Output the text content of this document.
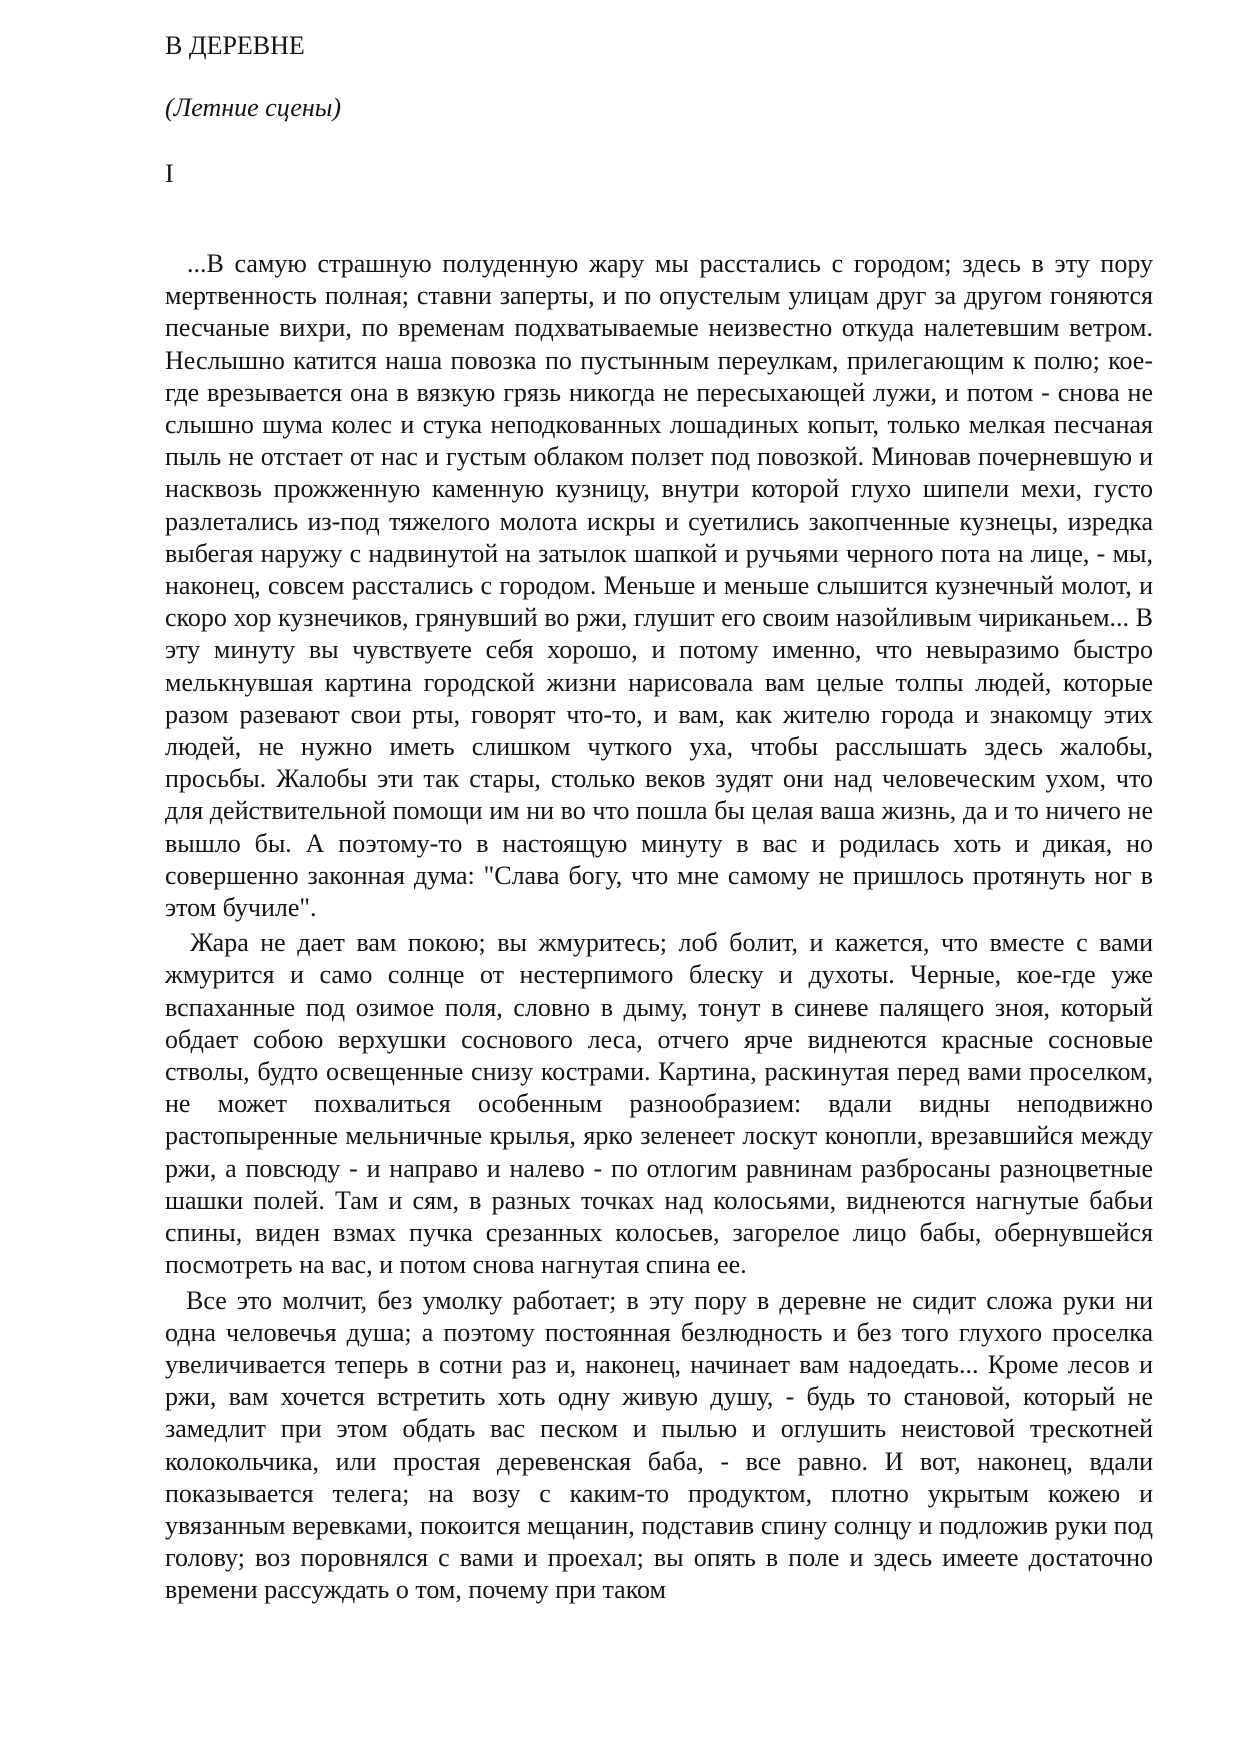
В ДЕРЕВНЕ
(Летние сцены)
I

...В самую страшную полуденную жару мы расстались с городом; здесь в эту пору мертвенность полная; ставни заперты, и по опустелым улицам друг за другом гоняются песчаные вихри, по временам подхватываемые неизвестно откуда налетевшим ветром. Неслышно катится наша повозка по пустынным переулкам, прилегающим к полю; кое-где врезывается она в вязкую грязь никогда не пересыхающей лужи, и потом - снова не слышно шума колес и стука неподкованных лошадиных копыт, только мелкая песчаная пыль не отстает от нас и густым облаком ползет под повозкой. Миновав почерневшую и насквозь прожженную каменную кузницу, внутри которой глухо шипели мехи, густо разлетались из-под тяжелого молота искры и суетились закопченные кузнецы, изредка выбегая наружу с надвинутой на затылок шапкой и ручьями черного пота на лице, - мы, наконец, совсем расстались с городом. Меньше и меньше слышится кузнечный молот, и скоро хор кузнечиков, грянувший во ржи, глушит его своим назойливым чириканьем... В эту минуту вы чувствуете себя хорошо, и потому именно, что невыразимо быстро мелькнувшая картина городской жизни нарисовала вам целые толпы людей, которые разом разевают свои рты, говорят что-то, и вам, как жителю города и знакомцу этих людей, не нужно иметь слишком чуткого уха, чтобы расслышать здесь жалобы, просьбы. Жалобы эти так стары, столько веков зудят они над человеческим ухом, что для действительной помощи им ни во что пошла бы целая ваша жизнь, да и то ничего не вышло бы. А поэтому-то в настоящую минуту в вас и родилась хоть и дикая, но совершенно законная дума: "Слава богу, что мне самому не пришлось протянуть ног в этом бучиле".

Жара не дает вам покою; вы жмуритесь; лоб болит, и кажется, что вместе с вами жмурится и само солнце от нестерпимого блеску и духоты. Черные, кое-где уже вспаханные под озимое поля, словно в дыму, тонут в синеве палящего зноя, который обдает собою верхушки соснового леса, отчего ярче виднеются красные сосновые стволы, будто освещенные снизу кострами. Картина, раскинутая перед вами проселком, не может похвалиться особенным разнообразием: вдали видны неподвижно растопыренные мельничные крылья, ярко зеленеет лоскут конопли, врезавшийся между ржи, а повсюду - и направо и налево - по отлогим равнинам разбросаны разноцветные шашки полей. Там и сям, в разных точках над колосьями, виднеются нагнутые бабьи спины, виден взмах пучка срезанных колосьев, загорелое лицо бабы, обернувшейся посмотреть на вас, и потом снова нагнутая спина ее.

Все это молчит, без умолку работает; в эту пору в деревне не сидит сложа руки ни одна человечья душа; а поэтому постоянная безлюдность и без того глухого проселка увеличивается теперь в сотни раз и, наконец, начинает вам надоедать... Кроме лесов и ржи, вам хочется встретить хоть одну живую душу, - будь то становой, который не замедлит при этом обдать вас песком и пылью и оглушить неистовой трескотней колокольчика, или простая деревенская баба, - все равно. И вот, наконец, вдали показывается телега; на возу с каким-то продуктом, плотно укрытым кожею и увязанным веревками, покоится мещанин, подставив спину солнцу и подложив руки под голову; воз поровнялся с вами и проехал; вы опять в поле и здесь имеете достаточно времени рассуждать о том, почему при таком
